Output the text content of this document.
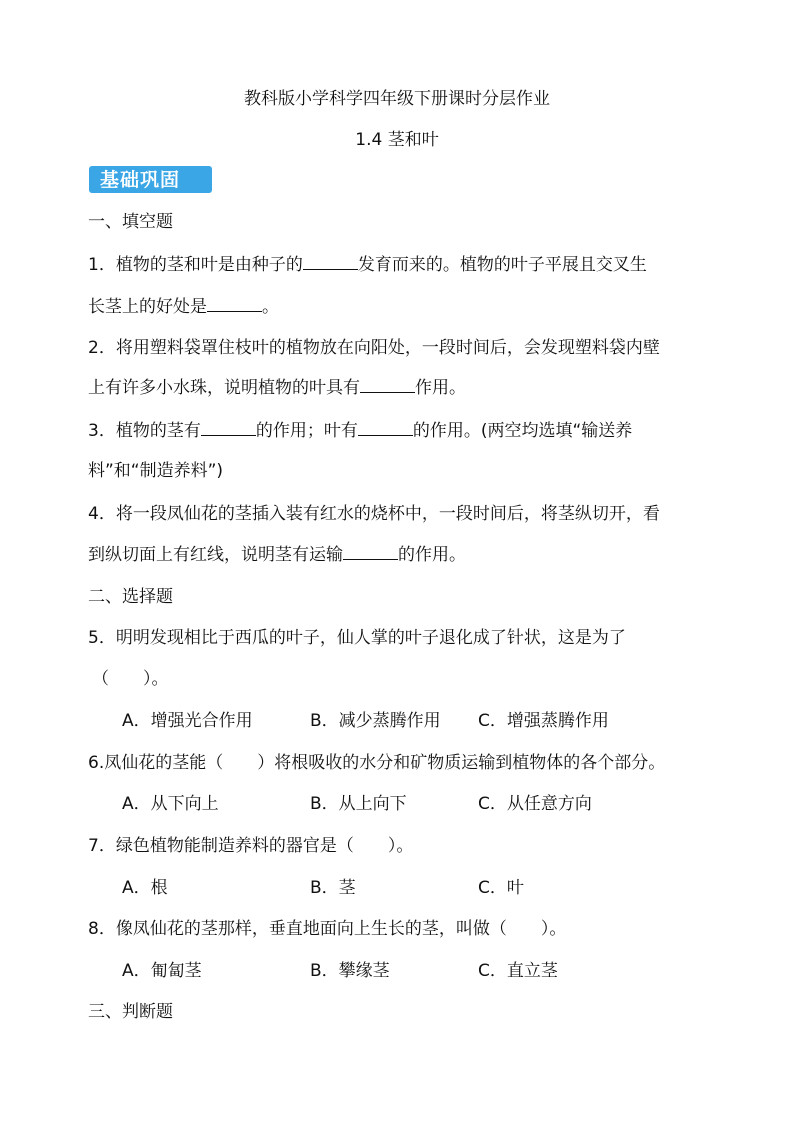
教科版小学科学四年级下册课时分层作业
1.4 茎和叶
基础巩固
一、填空题
1．植物的茎和叶是由种子的	发育而来的。植物的叶子平展且交叉生
长茎上的好处是	。
2．将用塑料袋罩住枝叶的植物放在向阳处，一段时间后，会发现塑料袋内壁
上有许多小水珠，说明植物的叶具有	作用。
3．植物的茎有	的作用；叶有	的作用。(两空均选填“输送养
料”和“制造养料”)
4．将一段凤仙花的茎插入装有红水的烧杯中，一段时间后，将茎纵切开，看
到纵切面上有红线，说明茎有运输	的作用。
二、选择题
5．明明发现相比于西瓜的叶子，仙人掌的叶子退化成了针状，这是为了
（　　）。
A．增强光合作用	B．减少蒸腾作用 C．增强蒸腾作用
6.凤仙花的茎能（　　）将根吸收的水分和矿物质运输到植物体的各个部分。
A．从下向上	B．从上向下	C．从任意方向
7．绿色植物能制造养料的器官是（　　）。
A．根	B．茎	C．叶
8．像凤仙花的茎那样，垂直地面向上生长的茎，叫做（　　）。
A．匍匐茎	B．攀缘茎	C．直立茎
三、判断题
